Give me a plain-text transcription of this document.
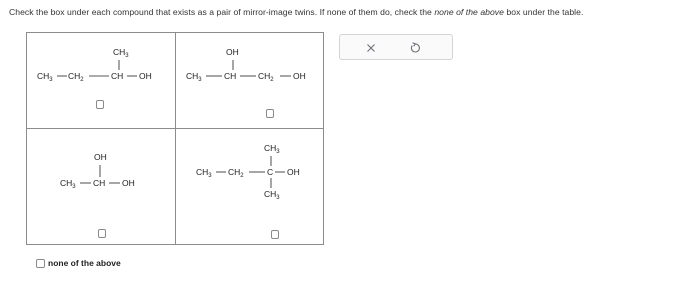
Check the box under each compound that exists as a pair of mirror-image twins. If none of them do, check the none of the above box under the table.
$CH_3$
$CH_3$ $CH_2$	CH OH
OH
$CH_3$	CH	$CH_2$ OH
OH
$CH_3$ CH OH
$CH_3$
$CH_3$ $CH_2$	C OH
$CH_3$
none of the above
